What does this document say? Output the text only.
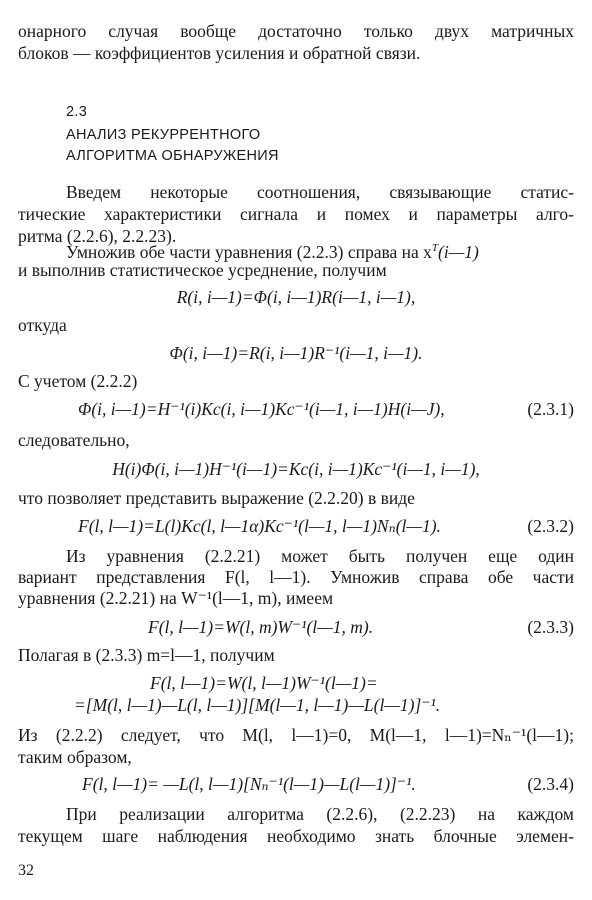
онарного случая вообще достаточно только двух матричных
блоков — коэффициентов усиления и обратной связи.
2.3
АНАЛИЗ РЕКУРРЕНТНОГО
АЛГОРИТМА ОБНАРУЖЕНИЯ
Введем некоторые соотношения, связывающие статис-
тические характеристики сигнала и помех и параметры алго-
ритма (2.2.6), 2.2.23).
Умножив обе части уравнения (2.2.3) справа на $x^T(i—1)$
и выполнив статистическое усреднение, получим
R(i, i—1)=Φ(i, i—1)R(i—1, i—1),
откуда
Φ(i, i—1)=R(i, i—1)R⁻¹(i—1, i—1).
С учетом (2.2.2)
Φ(i, i—1)=H⁻¹(i)Kc(i, i—1)Kc⁻¹(i—1, i—1)H(i—J),	(2.3.1)
следовательно,
H(i)Φ(i, i—1)H⁻¹(i—1)=Kc(i, i—1)Kc⁻¹(i—1, i—1),
что позволяет представить выражение (2.2.20) в виде
F(l, l—1)=L(l)Kc(l, l—1α)Kc⁻¹(l—1, l—1)Nₙ(l—1).	(2.3.2)
Из уравнения (2.2.21) может быть получен еще один
вариант представления F(l, l—1). Умножив справа обе части
уравнения (2.2.21) на W⁻¹(l—1, m), имеем
F(l, l—1)=W(l, m)W⁻¹(l—1, m).	(2.3.3)
Полагая в (2.3.3) m=l—1, получим
F(l, l—1)=W(l, l—1)W⁻¹(l—1)=
=[M(l, l—1)—L(l, l—1)][M(l—1, l—1)—L(l—1)]⁻¹.
Из (2.2.2) следует, что M(l, l—1)=0, M(l—1, l—1)=Nₙ⁻¹(l—1);
таким образом,
F(l, l—1)= —L(l, l—1)[Nₙ⁻¹(l—1)—L(l—1)]⁻¹.	(2.3.4)
При реализации алгоритма (2.2.6), (2.2.23) на каждом
текущем шаге наблюдения необходимо знать блочные элемен-
32
